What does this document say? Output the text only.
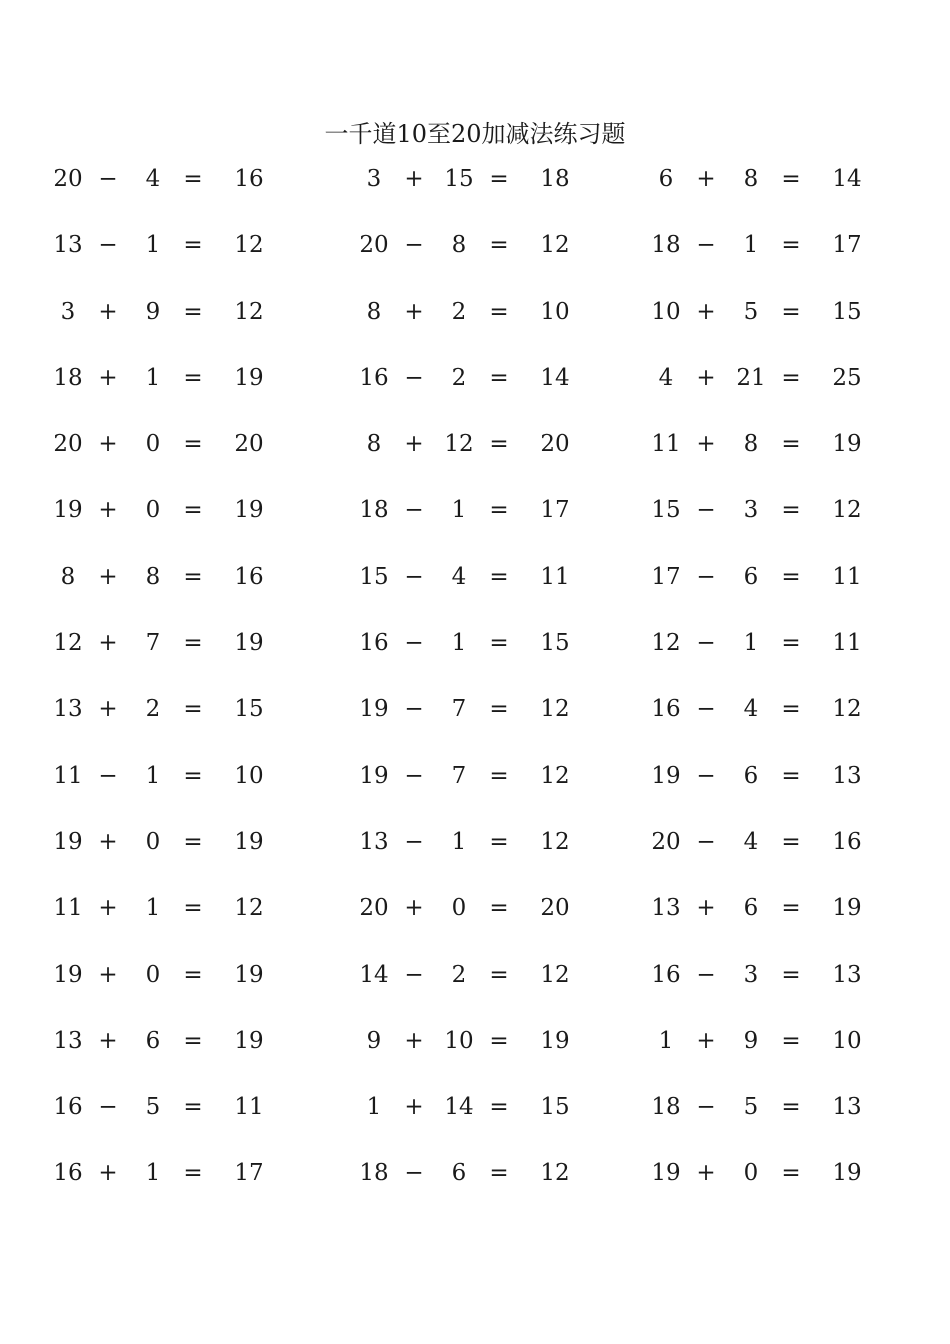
一千道10至20加减法练习题
20 −	4	=	16	3	+ 15 =	18	6	+	8	=	14
13 −	1	=	12	20 −	8	=	12	18 −	1	=	17
3	+	9	=	12	8	+	2	=	10	10 +	5	=	15
18 +	1	=	19	16 −	2	=	14	4	+ 21 =	25
20 +	0	=	20	8	+ 12 =	20	11 +	8	=	19
19 +	0	=	19	18 −	1	=	17	15 −	3	=	12
8	+	8	=	16	15 −	4	=	11	17 −	6	=	11
12 +	7	=	19	16 −	1	=	15	12 −	1	=	11
13 +	2	=	15	19 −	7	=	12	16 −	4	=	12
11 −	1	=	10	19 −	7	=	12	19 −	6	=	13
19 +	0	=	19	13 −	1	=	12	20 −	4	=	16
11 +	1	=	12	20 +	0	=	20	13 +	6	=	19
19 +	0	=	19	14 −	2	=	12	16 −	3	=	13
13 +	6	=	19	9	+ 10 =	19	1	+	9	=	10
16 −	5	=	11	1	+ 14 =	15	18 −	5	=	13
16 +	1	=	17	18 −	6	=	12	19 +	0	=	19
